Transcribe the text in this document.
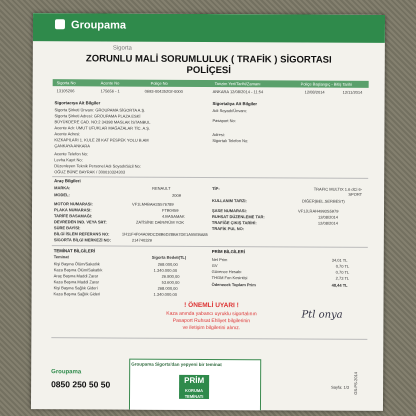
Groupama
Sigorta
ZORUNLU MALİ SORUMLULUK ( TRAFİK ) SİGORTASI
POLİÇESİ
Sigorta No	Acente No	Poliçe No	Tanzim Yeri/Tarihi/Zamanı	Poliçe Başlangıç - Bitiş Tarihi
13105206	175656 - 1	0693-00435202-0000	ANKARA 12/08/2014 - 11:54	12/08/2014	12/11/2014
Sigortacıya Ait Bilgiler
Sigorta Şirketi Ünvanı: GROUPAMA SİGORTA A.Ş.
Sigorta Şirketi Adresi: GROUPAMA PLAZA ESKİ
BÜYÜKDERE CAD. NO:2 34398 MASLAK İSTANBUL
Acente Adı: UMUT UFUKLAR MAĞAZALAR TİC. A.Ş.
Acente Adresi:
KIZKAPILARI 1. KULE 28 KAT PESPEK YOLU B.AM
ÇANKAYA ANKARA
Acente Telefon No:
Levha Kayıt No:
Düzenleyen Teknik Personel Adı Soyadı/Sicil No:
OĞUZ BÜNE BAYRAK / 300010324303
Sigortalıya Ait Bilgiler
Adı Soyadı/Ünvanı:
Pasaport No:
Adresi:
Sigortalı Telefon No:
Araç Bilgileri
MARKA:	RENAULT
MODEL:	2009
MOTOR NUMARASI:	VF1LM4BAH3S576789
PLAKA NUMARASI:	FTB0459
TARİFE BASAMAĞI:	4.BASAMAK
DEVREDEN İND. VEYA SRT:	ZATİSİNE DAİR/RÜM YOK
SÜRE BAYİSİ:
BİLGİ İSLEM REFERANS NO:	1H11F4F04A09DCD8B6D28BA7DE1A55EBA85
SİGORTA BİLGİ MERKEZİ NO:	214740329
TİP:	TRAFIC MULTIX 1.6 dCi 6-SPORT
KULLANIM TARZI:	DİĞER(BEL.SERBEST)
ŞASE NUMARASI:	VF1JLRAH4993S5979
RUHSAT DÜZENLEME TAR:	12/08/2014
TRAFİĞE ÇIKIŞ TARİHİ:	12/08/2014
TRAFİK PUL NO:
TEMİNAT BİLGİLERİ
Teminat	Sigorta Bedeli(TL)
Kişi Başına Ölüm/Sakatlık	268.000,00
Kaza Başına Ölüm/Sakatlık	1.340.000,00
Araç Başına Maddi Zarar	26.800,00
Kaza Başına Maddi Zarar	53.600,00
Kişi Başına Sağlık Gideri	268.000,00
Kaza Başına Sağlık Gideri	1.340.000,00
PRİM BİLGİLERİ
Net Prim	34,01 TL
GV	0,70 TL
Güvence Hesabı	0,70 TL
THGM Fon Kesintisi	2,73 TL
Ödenecek Toplam Prim	48,44 TL
! ÖNEMLİ UYARI !
Kaza anında yabancı uyruklu sigortalının
Pasaport Ruhsat Ehliyet bilgilerinin
ve iletişim bilgilerini alınız.
Ptl onya
Groupama Sigorta'dan yepyeni bir teminat
PRİM
KORUMA
TEMİNATI
Groupama
0850 250 50 50	Sayfa: 1/3 GS-PS-2014
